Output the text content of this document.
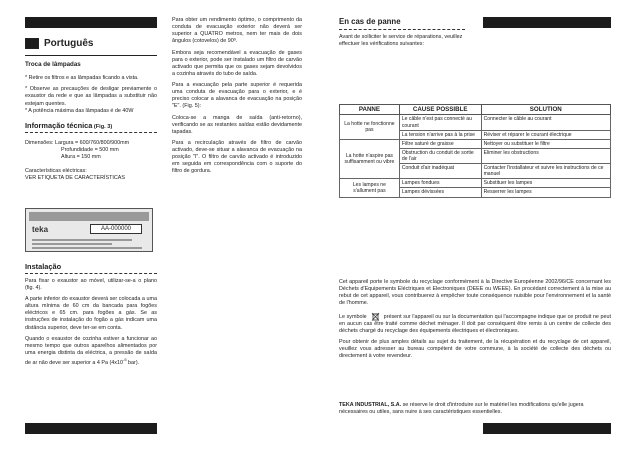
Português
Troca de lâmpadas

* Retire os filtros e as lâmpadas ficando a vista.

* Observe as precauções de desligar previamente o exaustor da rede e que as lâmpadas a substituir não estejam quentes.

* A potência máxima das lâmpadas é de 40W

Informação técnica (Fig. 3)
Dimensões: Largura = 600/760/800/900mm
Profundidade = 500 mm
Altura = 150 mm
Características eléctricas:
VER ETIQUETA DE CARACTERÍSTICAS
teka	AA-000000
Instalação

Para fixar o exaustor ao móvel, utilizar-se-a o plano (fig. 4).

A parte inferior do exaustor deverá ser colocada a uma altura mínima de 60 cm da bancada para fogões eléctricos e 65 cm. para fogões a gás. Se as instruções de instalação do fogão a gás indicam uma distância superior, deve ter-se em conta.

Quando o exaustor de cozinha estiver a funcionar ao mesmo tempo que outros aparelhos alimentados por uma energia distinta da eléctrica, a pressão de saída de ar não deve ser superior a 4 Pa ($4x10^{-5}$ bar).

Para obter um rendimento óptimo, o comprimento da conduta de evacuação exterior não deverá ser superior a QUATRO metros, nem ter mais de dois ângulos (cotovelos) de 90º.

Embora seja recomendável a evacuação de gases para o exterior, pode ser instalado um filtro de carvão activado que permita que os gases sejam devolvidos a cozinha através do tubo de saída.

Para a evacuação pela parte superior é requerida uma conduta de evacuação para o exterior, e é preciso colocar a alavanca de evacuação na posição "E". (Fig. 5):

Coloca-se a manga de saída (anti-retorno), verificando se as restantes saídas estão devidamente tapadas.

Para a recirculação através de filtro de carvão activado, deve-se situar a alavanca de evacuação na posição "I". O filtro de carvão activado é introduzido em seguida em correspondência com o suporte do filtro de gordura.

En cas de panne
Avant de solliciter le service de réparations, veuillez effectuer les vérifications suivantes:
PANNE	CAUSE POSSIBLE	SOLUTION
La hotte ne fonctionne pas	Le câble n'est pas connecté au courant	Connecter le câble au courant
	La tension n'arrive pas à la prise	Réviser et réparer le courant électrique
La hotte n'aspire pas suffisamment ou vibre	Filtre saturé de graisse	Nettoyer ou substituer le filtre
	Obstruction du conduit de sortie de l'air	Eliminer les obstructions
	Conduit d'air inadéquat	Contacter l'installateur et suivre les instructions de ce manuel
Les lampes ne s'allument pas	Lampes fondues	Substituer les lampes
	Lampes dévissées	Resserrer les lampes

Cet appareil porte le symbole du recyclage conformément à la Directive Européenne 2002/96/CE concernant les Déchets d'Equipements Eléctriques et Electroniques (DEEE ou WEEE). En procédant correctement à la mise au rebut de cet appareil, vous contribuerez à empêcher toute conséquence nuisible pour l'environnement et la santé de l'homme.

Le symbole	présent sur l'appareil ou sur la documentation qui l'accompagne indique que ce produit ne peut en aucun cas être traité comme déchet ménager. Il doit par conséquent être remis à un centre de collecte des déchets chargé du recyclage des équipements électriques et électroniques.

Pour obtenir de plus amples détails au sujet du traitement, de la récupération et du recyclage de cet appareil, veuillez vous adresser au bureau compétent de votre commune, à la société de collecte des déchets ou directement à votre revendeur.

TEKA INDUSTRIAL, S.A. se réserve le droit d'introduire sur le matériel les modifications qu'elle jugera nécessaires ou utiles, sans nuire à ses caractéristiques essentielles.
